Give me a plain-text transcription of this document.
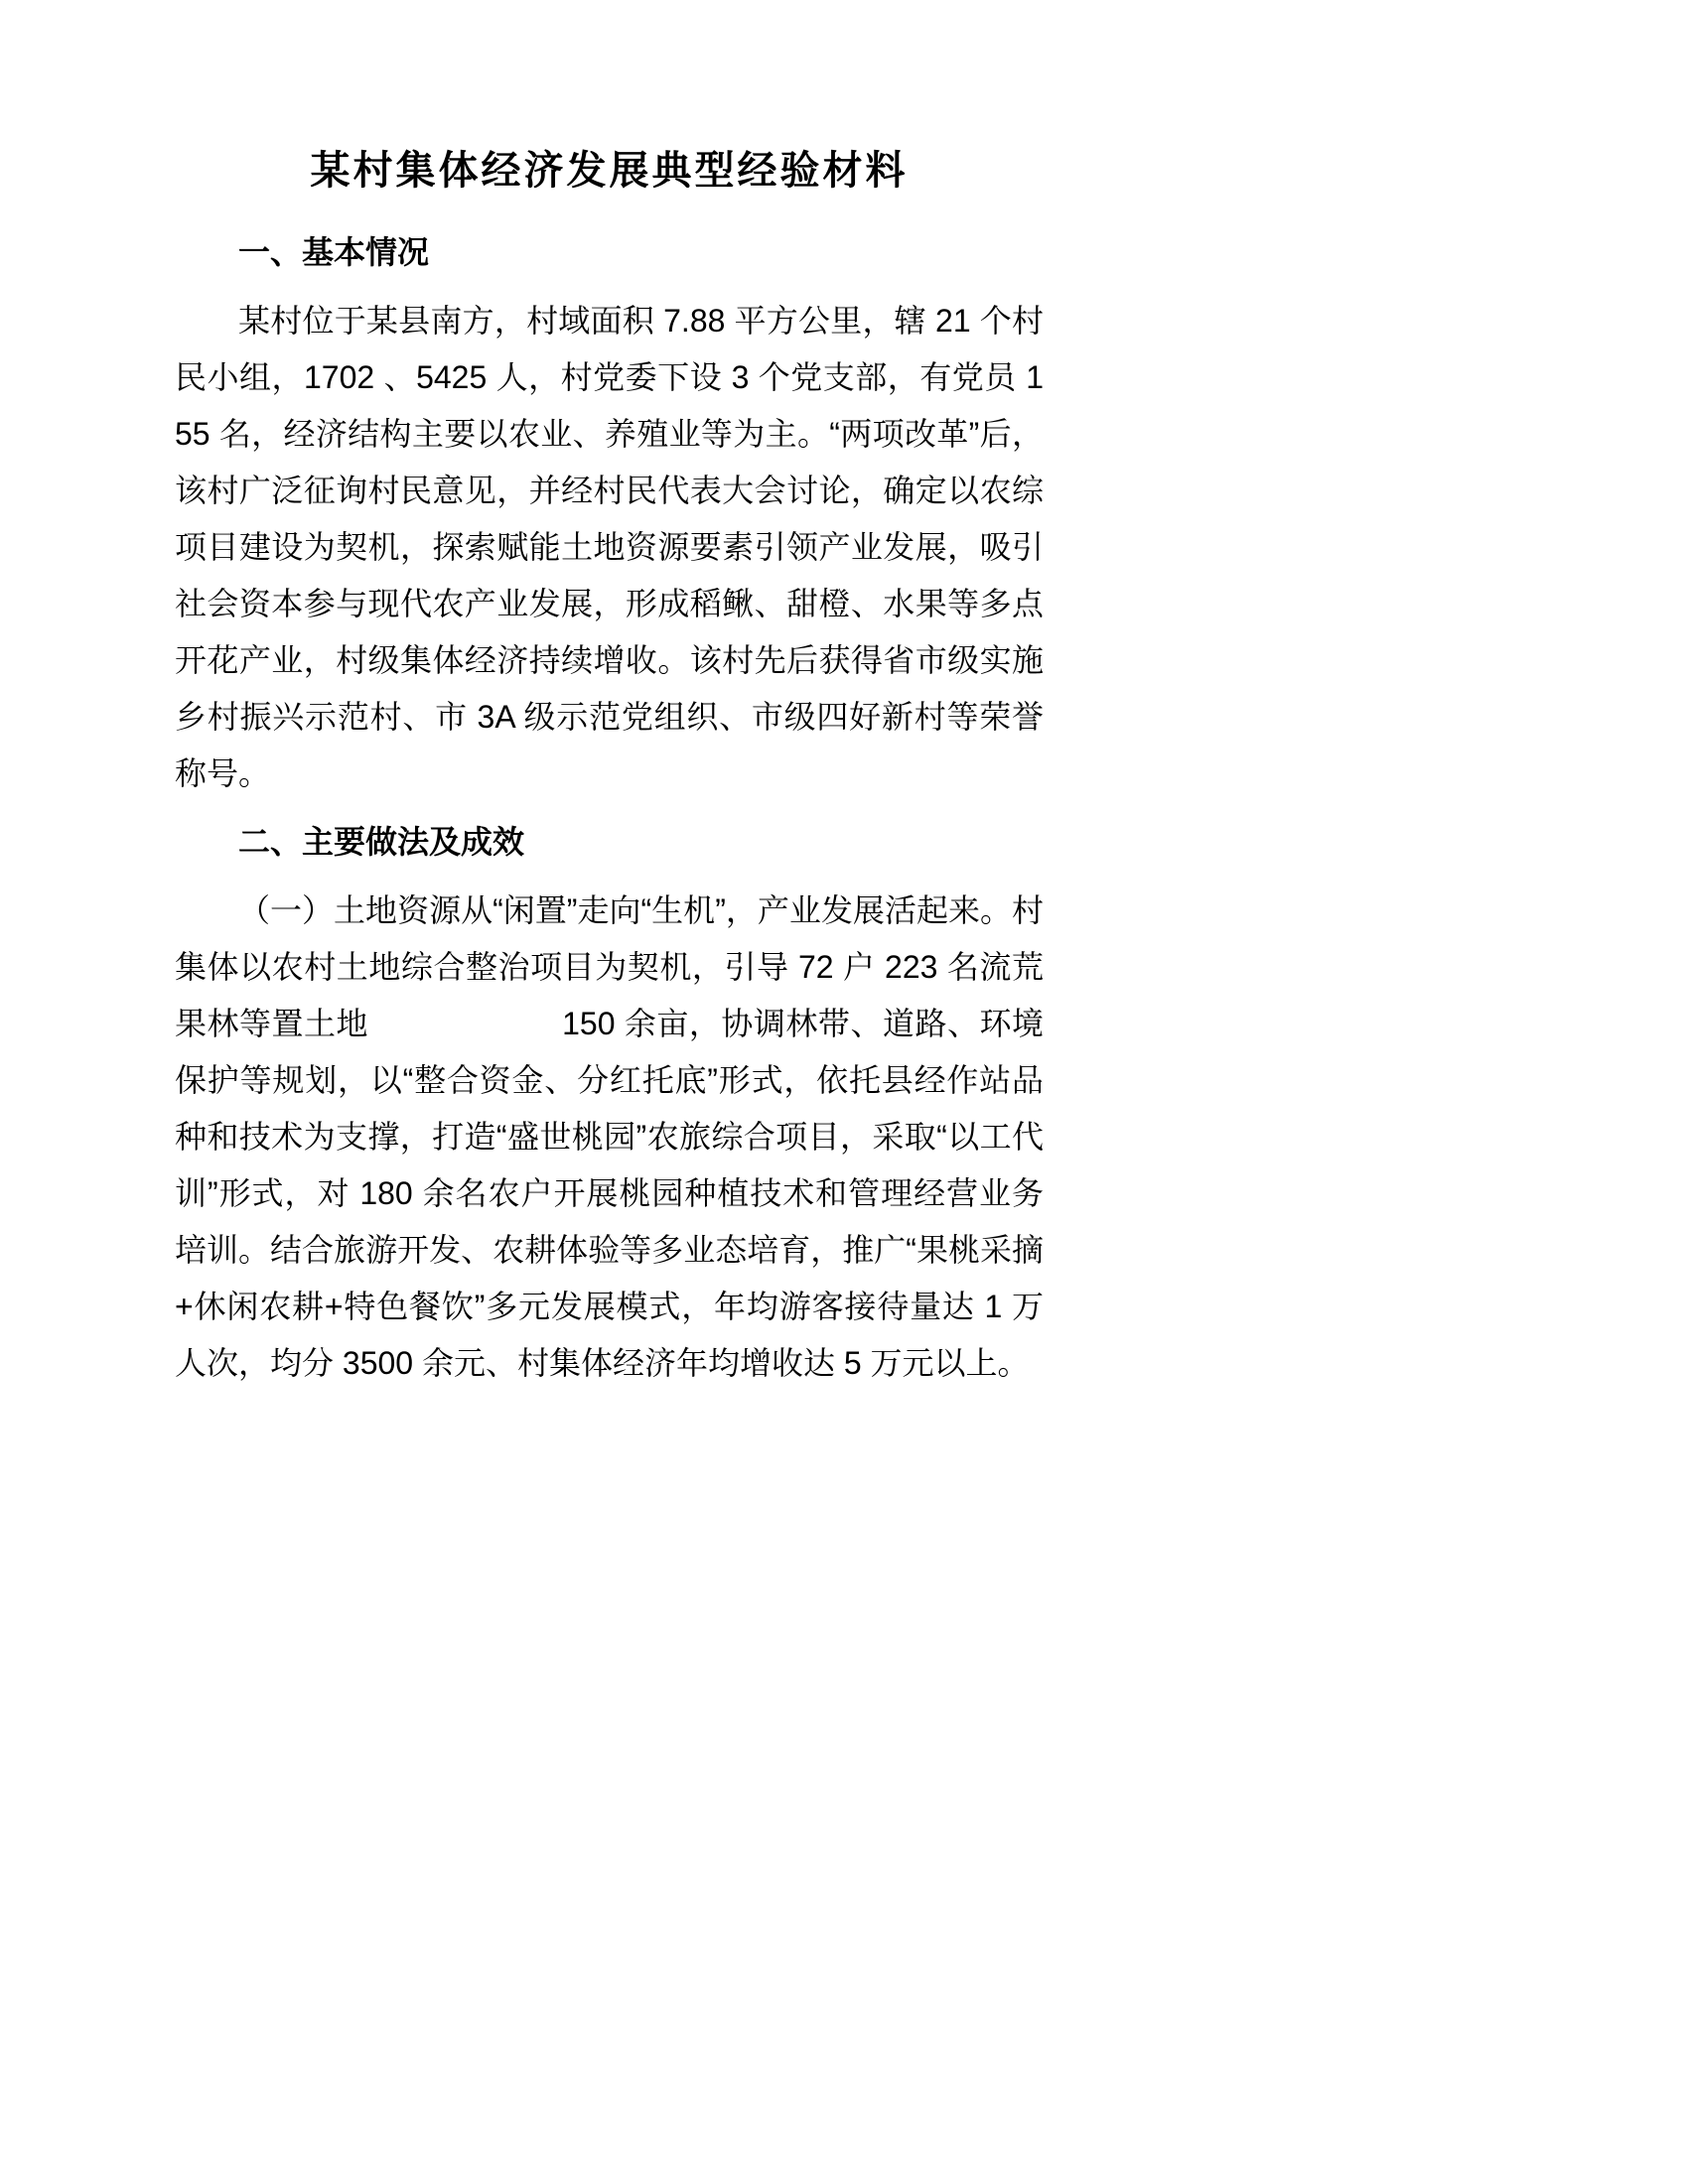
某村集体经济发展典型经验材料
一、基本情况

某村位于某县南方，村域面积 7.88 平方公里，辖 21 个村民小组，1702 、5425 人，村党委下设 3 个党支部，有党员 155 名，经济结构主要以农业、养殖业等为主。“两项改革”后，该村广泛征询村民意见，并经村民代表大会讨论，确定以农综项目建设为契机，探索赋能土地资源要素引领产业发展，吸引社会资本参与现代农产业发展，形成稻鳅、甜橙、水果等多点开花产业，村级集体经济持续增收。该村先后获得省市级实施乡村振兴示范村、市 3A 级示范党组织、市级四好新村等荣誉称号。

二、主要做法及成效

（一）土地资源从“闲置”走向“生机”，产业发展活起来。村集体以农村土地综合整治项目为契机，引导 72 户 223 名流荒果林等置土地　　　　　　150 余亩，协调林带、道路、环境保护等规划，以“整合资金、分红托底”形式，依托县经作站品种和技术为支撑，打造“盛世桃园”农旅综合项目，采取“以工代训”形式，对 180 余名农户开展桃园种植技术和管理经营业务培训。结合旅游开发、农耕体验等多业态培育，推广“果桃采摘+休闲农耕+特色餐饮”多元发展模式，年均游客接待量达 1 万人次，均分 3500 余元、村集体经济年均增收达 5 万元以上。
